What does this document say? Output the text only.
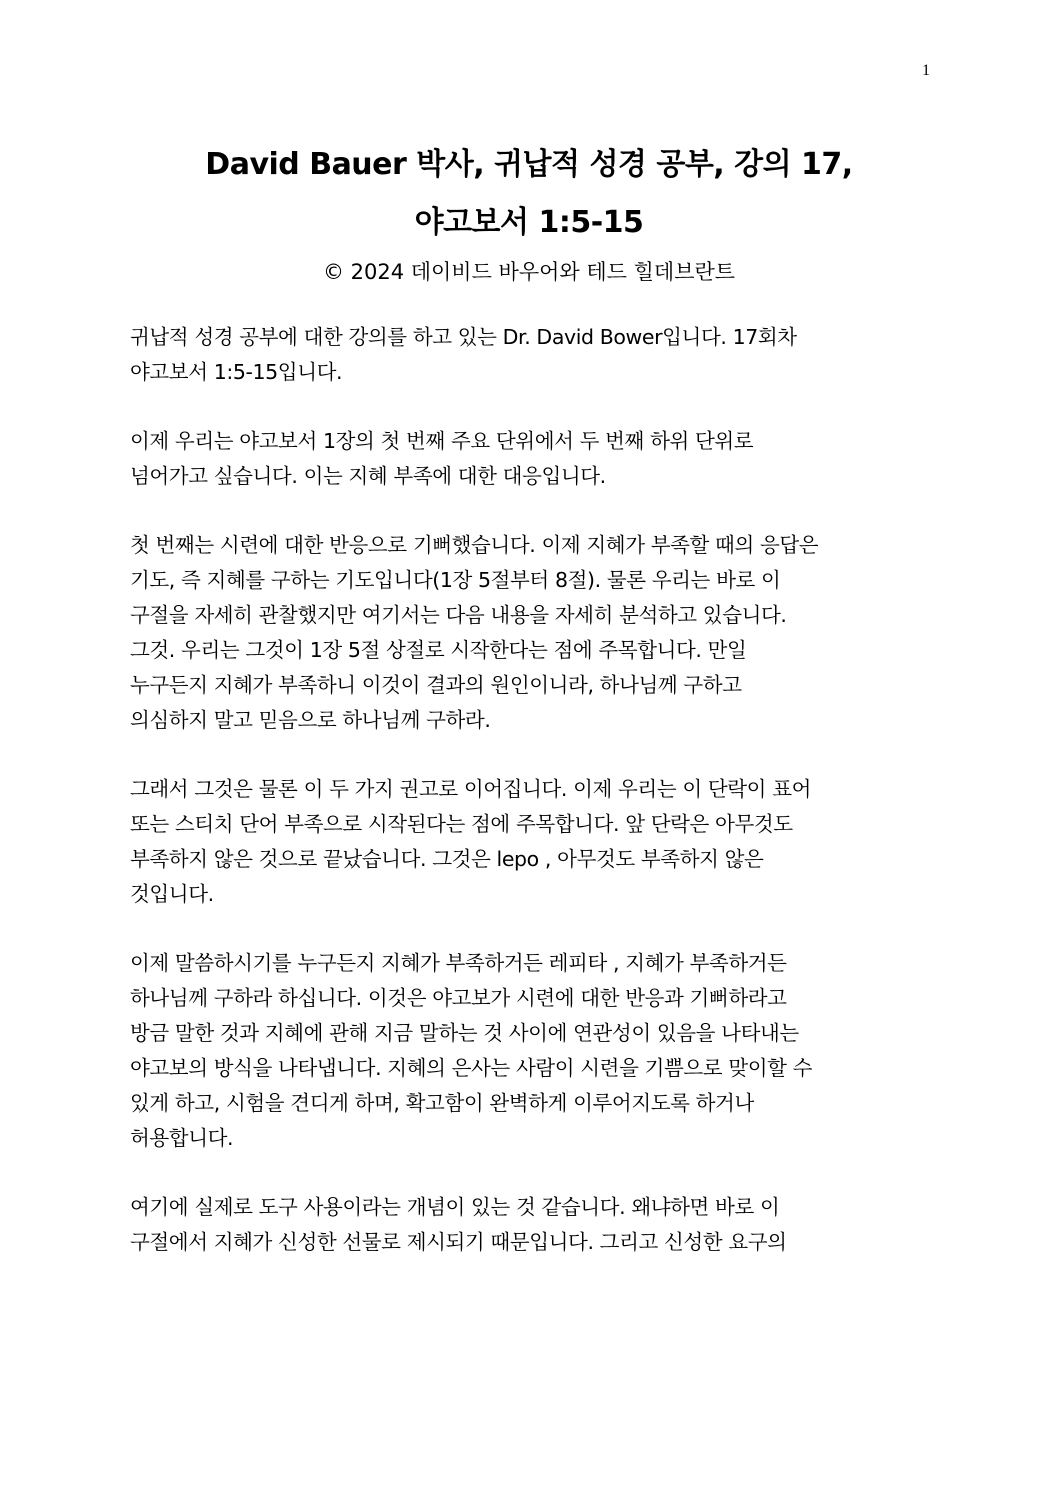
1
David Bauer 박사, 귀납적 성경 공부, 강의 17,
야고보서 1:5-15
© 2024 데이비드 바우어와 테드 힐데브란트

귀납적 성경 공부에 대한 강의를 하고 있는 Dr. David Bower입니다. 17회차
야고보서 1:5-15입니다.

이제 우리는 야고보서 1장의 첫 번째 주요 단위에서 두 번째 하위 단위로
넘어가고 싶습니다. 이는 지혜 부족에 대한 대응입니다.

첫 번째는 시련에 대한 반응으로 기뻐했습니다. 이제 지혜가 부족할 때의 응답은
기도, 즉 지혜를 구하는 기도입니다(1장 5절부터 8절). 물론 우리는 바로 이
구절을 자세히 관찰했지만 여기서는 다음 내용을 자세히 분석하고 있습니다.
그것. 우리는 그것이 1장 5절 상절로 시작한다는 점에 주목합니다. 만일
누구든지 지혜가 부족하니 이것이 결과의 원인이니라, 하나님께 구하고
의심하지 말고 믿음으로 하나님께 구하라.

그래서 그것은 물론 이 두 가지 권고로 이어집니다. 이제 우리는 이 단락이 표어
또는 스티치 단어 부족으로 시작된다는 점에 주목합니다. 앞 단락은 아무것도
부족하지 않은 것으로 끝났습니다. 그것은 lepo , 아무것도 부족하지 않은
것입니다.

이제 말씀하시기를 누구든지 지혜가 부족하거든 레피타 , 지혜가 부족하거든
하나님께 구하라 하십니다. 이것은 야고보가 시련에 대한 반응과 기뻐하라고
방금 말한 것과 지혜에 관해 지금 말하는 것 사이에 연관성이 있음을 나타내는
야고보의 방식을 나타냅니다. 지혜의 은사는 사람이 시련을 기쁨으로 맞이할 수
있게 하고, 시험을 견디게 하며, 확고함이 완벽하게 이루어지도록 하거나
허용합니다.

여기에 실제로 도구 사용이라는 개념이 있는 것 같습니다. 왜냐하면 바로 이
구절에서 지혜가 신성한 선물로 제시되기 때문입니다. 그리고 신성한 요구의
